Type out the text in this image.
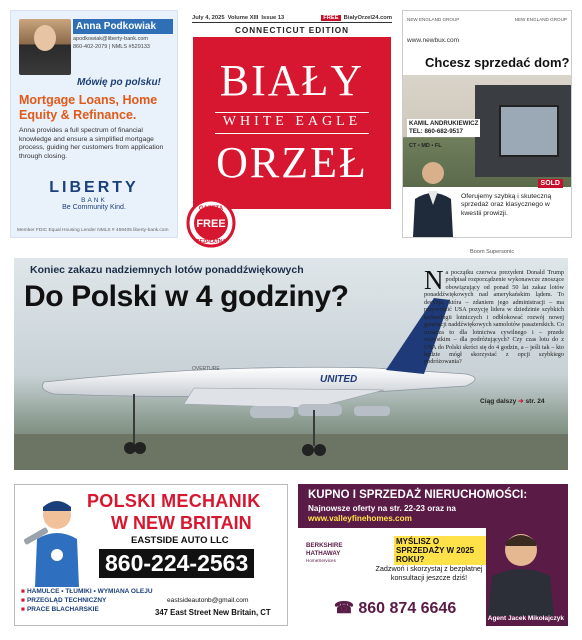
Anna Podkowiak
apodkowiak@liberty-bank.com
860-402-2079 | NMLS #529133
Mówię po polsku!
Mortgage Loans, Home Equity & Refinance.
Anna provides a full spectrum of financial knowledge and ensure a simplified mortgage process, guiding her customers from application through closing.
LIBERTY
BANK
Be Community Kind.
Member FDIC Equal Housing Lender NMLS # 459405 liberty-bank.com
July 4, 2025 Volume XIII Issue 13	FREE BialyOrzel24.com
CONNECTICUT EDITION
BIAŁY
WHITE EAGLE
ORZEŁ
GAZETA
FREE
BEZPŁATNA
NEW ENGLAND GROUP	NEW ENGLAND GROUP
www.newbux.com
Chcesz sprzedać dom?
KAMIL ANDRUKIEWICZ
TEL: 860-682-9517
CT • MD • FL
SOLD
Oferujemy szybką i skuteczną sprzedaż oraz klasycznego w kwestii prowizji.
Boom Supersonic
UNITED
OVERTURE
Koniec zakazu nadziemnych lotów ponaddźwiękowych
Do Polski w 4 godziny?	Na początku czerwca prezydent Donald Trump podpisał rozporządzenie wykonawcze znoszące obowiązujący od ponad 50 lat zakaz lotów ponaddźwiękowych nad amerykańskim lądem. To decyzja, która – zdaniem jego administracji – ma przywrócić USA pozycję lidera w dziedzinie szybkich technologii lotniczych i odblokować rozwój nowej generacji naddźwiękowych samolotów pasażerskich. Co oznacza to dla lotnictwa cywilnego i – przede wszystkim – dla podróżujących? Czy czas lotu do z USA do Polski skróci się do 4 godzin, a – jeśli tak – kto będzie mógł skorzystać z opcji szybkiego podróżowania?
Ciąg dalszy ➔ str. 24
POLSKI MECHANIK
W NEW BRITAIN
EASTSIDE AUTO LLC
860-224-2563
■ HAMULCE • TŁUMIKI • WYMIANA OLEJU
■ PRZEGLĄD TECHNICZNY
■ PRACE BLACHARSKIE
eastsideautonb@gmail.com
347 East Street New Britain, CT
KUPNO I SPRZEDAŻ NIERUCHOMOŚCI:
Najnowsze oferty na str. 22-23 oraz na
www.valleyfinehomes.com
BERKSHIRE
HATHAWAY
HomeServices
MYŚLISZ O SPRZEDAŻY W 2025 ROKU?
Zadzwoń i skorzystaj z bezpłatnej konsultacji jeszcze dziś!
☎ 860 874 6646
Agent Jacek Mikołajczyk
